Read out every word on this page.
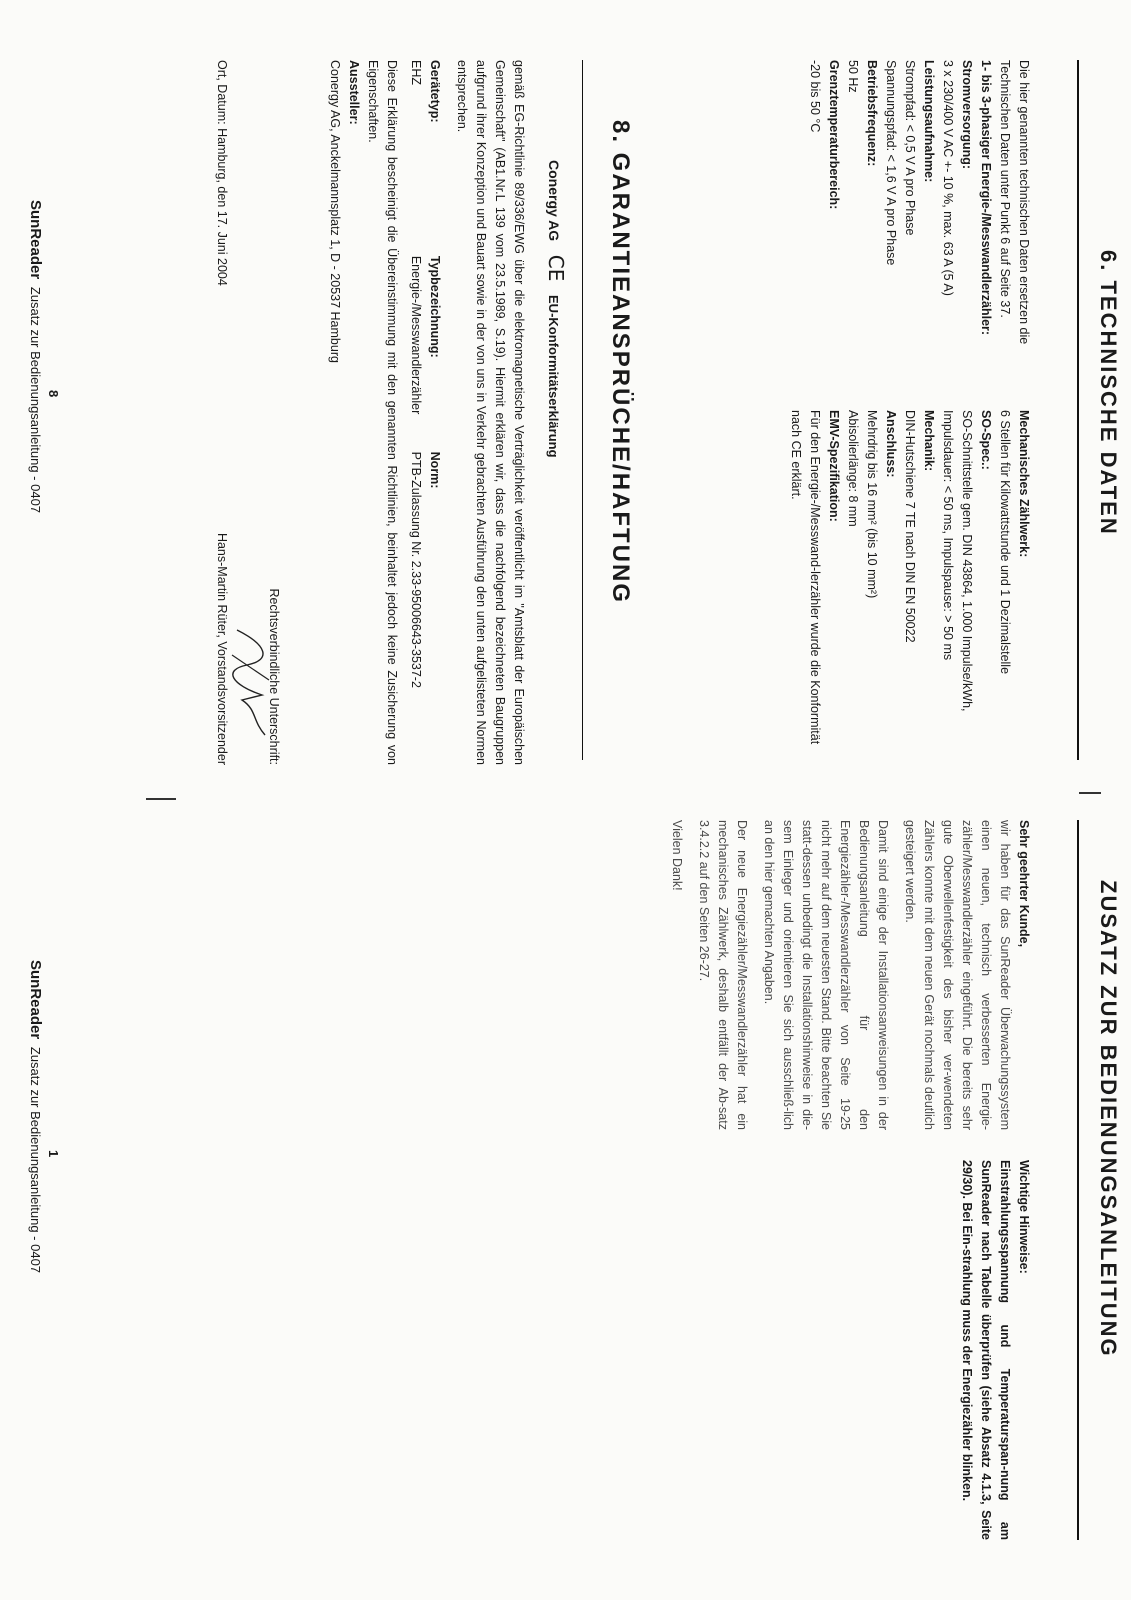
6. TECHNISCHE DATEN

Die hier genannten technischen Daten ersetzen die Technischen Daten unter Punkt 6 auf Seite 37.

1- bis 3-phasiger Energie-/Messwandlerzähler:

Stromversorgung:

3 x 230/400 V AC +- 10 %, max. 63 A (5 A)

Leistungsaufnahme:

Strompfad: < 0,5 V A pro Phase

Spannungspfad: < 1,6 V A pro Phase

Betriebsfrequenz:

50 Hz

Grenztemperaturbereich:

-20 bis 50 °C

Mechanisches Zählwerk:

6 Stellen für Kilowattstunde und 1 Dezimalstelle

SO-Spec.:

SO-Schnittstelle gem. DIN 43864, 1.000 Impulse/kWh, Impulsdauer: < 50 ms, Impulspause: > 50 ms

Mechanik:

DIN-Hutschiene 7 TE nach DIN EN 50022

Anschluss:

Mehrdrig bis 16 mm² (bis 10 mm²)

Abisolierlänge: 8 mm

EMV-Spezifikation:

Für den Energie-/Messwand-lerzähler wurde die Konformität nach CE erklärt.

8. GARANTIEANSPRÜCHE/HAFTUNG
Conergy AG CE EU-Konformitätserklärung

gemäß EG-Richtlinie 89/336/EWG über die elektromagnetische Verträglichkeit veröffentlicht im "Amtsblatt der Europäischen Gemeinschaft" (AB1.Nr.L 139 vom 23.5.1989, S.19). Hiermit erklären wir, dass die nachfolgend bezeichneten Baugruppen aufgrund ihrer Konzeption und Bauart sowie in der von uns in Verkehr gebrachten Ausführung den unten aufgelisteten Normen entsprechen.

Gerätetyp:

EHZ

Typbezeichnung:

Energie-/Messwandlerzähler

Norm:

PTB-Zulassung Nr. 2.33-95006643-3537-2

Diese Erklärung bescheinigt die Übereinstimmung mit den genannten Richtlinien, beinhaltet jedoch keine Zusicherung von Eigenschaften.

Aussteller:

Conergy AG, Anckelmannsplatz 1, D - 20537 Hamburg

Rechtsverbindliche Unterschrift:
Ort, Datum: Hamburg, den 17. Juni 2004
Hans-Martin Rüter, Vorstandsvorsitzender
8
SunReader Zusatz zur Bedienungsanleitung - 0407
ZUSATZ ZUR BEDIENUNGSANLEITUNG

Sehr geehrter Kunde,

wir haben für das SunReader Überwachungssystem einen neuen, technisch verbesserten Energie-zähler/Messwandlerzähler eingeführt. Die bereits sehr gute Oberwellenfestigkeit des bisher ver-wendeten Zählers konnte mit dem neuen Gerät nochmals deutlich gesteigert werden.

Damit sind einige der Installationsanweisungen in der Bedienungsanleitung für den Energiezähler-/Messwandlerzähler von Seite 19-25 nicht mehr auf dem neuesten Stand. Bitte beachten Sie statt-dessen unbedingt die Installationshinweise in die-sem Einleger und orientieren Sie sich ausschließ-lich an den hier gemachten Angaben.

Der neue Energiezähler/Messwandlerzähler hat ein mechanisches Zählwerk, deshalb entfällt der Ab-satz 3.4.2.2 auf den Seiten 26-27.

Vielen Dank!

Wichtige Hinweise:

Einstrahlungsspannung und Temperaturspan-nung am SunReader nach Tabelle überprüfen (siehe Absatz 4.1.3, Seite 29/30). Bei Ein-strahlung muss der Energiezähler blinken.

1
SunReader Zusatz zur Bedienungsanleitung - 0407
